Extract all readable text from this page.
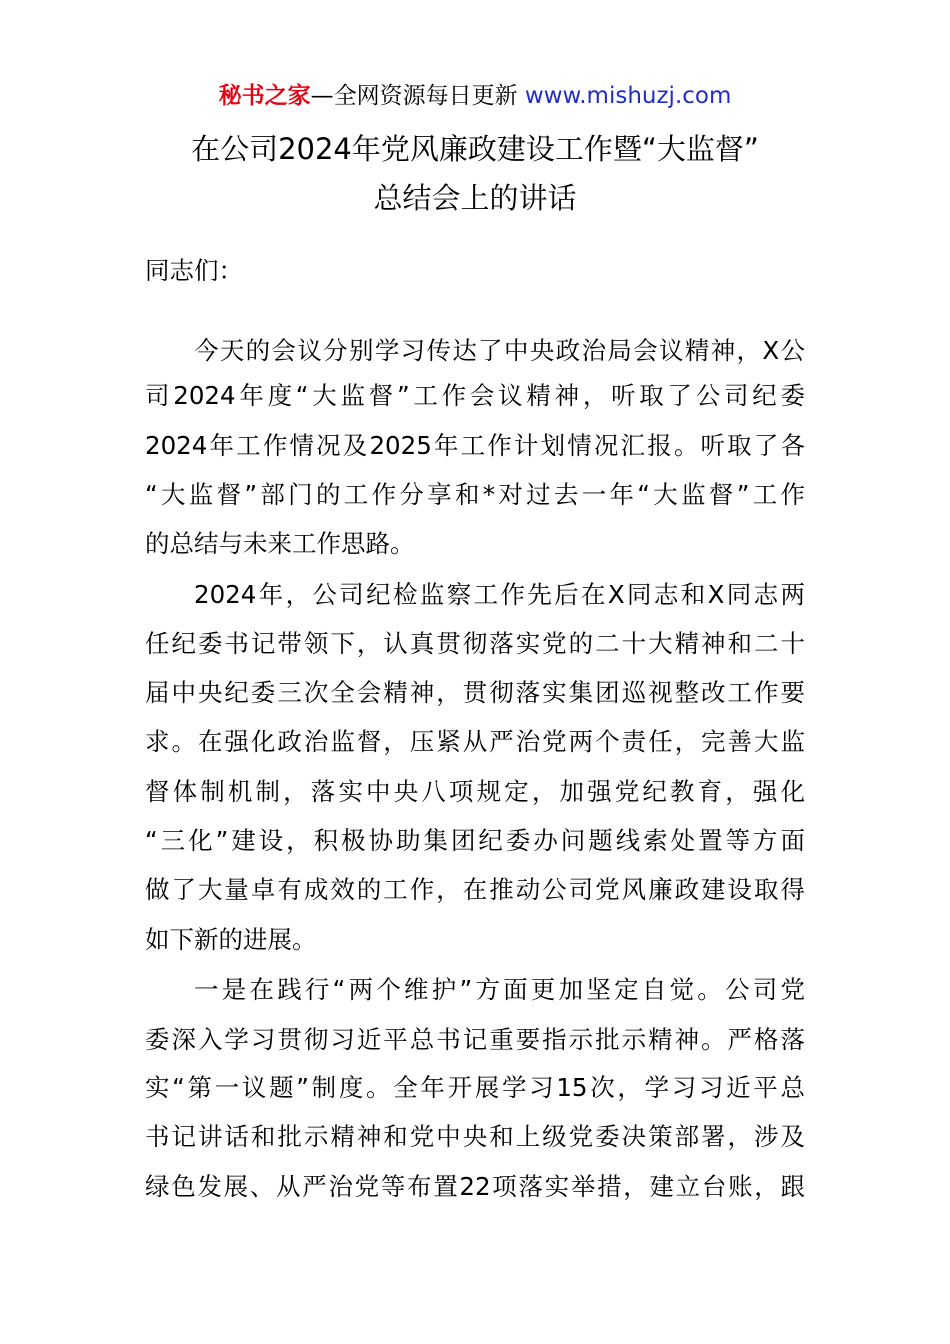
秘书之家—全网资源每日更新 www.mishuzj.com
在公司2024年党风廉政建设工作暨“大监督”
总结会上的讲话
同志们：
今天的会议分别学习传达了中央政治局会议精神，X公
司2024年度“大监督”工作会议精神，听取了公司纪委
2024年工作情况及2025年工作计划情况汇报。听取了各
“大监督”部门的工作分享和*对过去一年“大监督”工作
的总结与未来工作思路。
2024年，公司纪检监察工作先后在X同志和X同志两
任纪委书记带领下，认真贯彻落实党的二十大精神和二十
届中央纪委三次全会精神，贯彻落实集团巡视整改工作要
求。在强化政治监督，压紧从严治党两个责任，完善大监
督体制机制，落实中央八项规定，加强党纪教育，强化
“三化”建设，积极协助集团纪委办问题线索处置等方面
做了大量卓有成效的工作，在推动公司党风廉政建设取得
如下新的进展。
一是在践行“两个维护”方面更加坚定自觉。公司党
委深入学习贯彻习近平总书记重要指示批示精神。严格落
实“第一议题”制度。全年开展学习15次，学习习近平总
书记讲话和批示精神和党中央和上级党委决策部署，涉及
绿色发展、从严治党等布置22项落实举措，建立台账，跟
